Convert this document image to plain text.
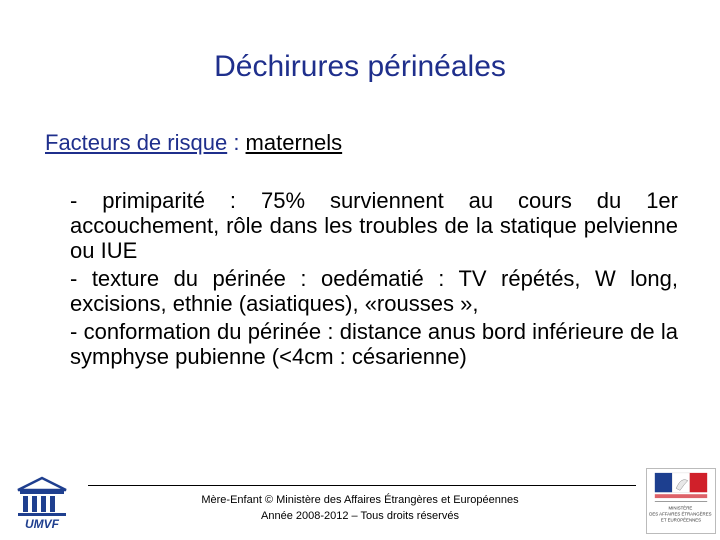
Déchirures périnéales
Facteurs de risque : maternels

- primiparité : 75% surviennent au cours du 1er accouchement, rôle dans les troubles de la statique pelvienne ou IUE

- texture du périnée : oedématié : TV répétés, W long, excisions, ethnie (asiatiques), «rousses »,

- conformation du périnée : distance anus bord inférieure de la symphyse pubienne (<4cm : césarienne)

Mère-Enfant © Ministère des Affaires Étrangères et Européennes
Année 2008-2012 – Tous droits réservés
UMVF
MINISTÈRE DES AFFAIRES ÉTRANGÈRES ET EUROPÉENNES
